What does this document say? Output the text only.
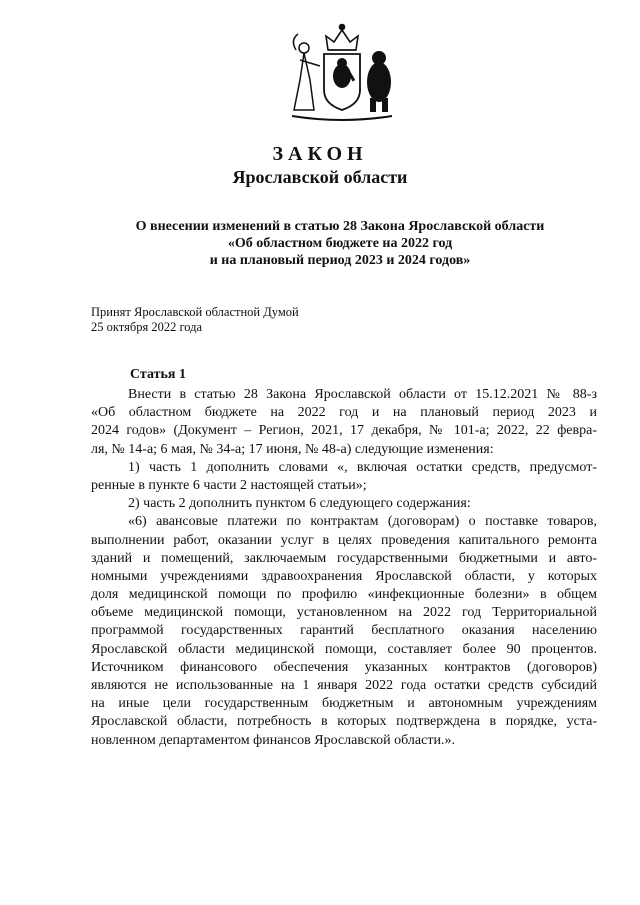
ЗАКОН
Ярославской области
О внесении изменений в статью 28 Закона Ярославской области
«Об областном бюджете на 2022 год
и на плановый период 2023 и 2024 годов»
Принят Ярославской областной Думой
25 октября 2022 года
Статья 1
Внести в статью 28 Закона Ярославской области от 15.12.2021 № 88-з
«Об областном бюджете на 2022 год и на плановый период 2023 и
2024 годов» (Документ – Регион, 2021, 17 декабря, № 101-а; 2022, 22 февра-
ля, № 14-а; 6 мая, № 34-а; 17 июня, № 48-а) следующие изменения:
1) часть 1 дополнить словами «, включая остатки средств, предусмот-
ренные в пункте 6 части 2 настоящей статьи»;
2) часть 2 дополнить пунктом 6 следующего содержания:
«6) авансовые платежи по контрактам (договорам) о поставке товаров,
выполнении работ, оказании услуг в целях проведения капитального ремонта
зданий и помещений, заключаемым государственными бюджетными и авто-
номными учреждениями здравоохранения Ярославской области, у которых
доля медицинской помощи по профилю «инфекционные болезни» в общем
объеме медицинской помощи, установленном на 2022 год Территориальной
программой государственных гарантий бесплатного оказания населению
Ярославской области медицинской помощи, составляет более 90 процентов.
Источником финансового обеспечения указанных контрактов (договоров)
являются не использованные на 1 января 2022 года остатки средств субсидий
на иные цели государственным бюджетным и автономным учреждениям
Ярославской области, потребность в которых подтверждена в порядке, уста-
новленном департаментом финансов Ярославской области.».
